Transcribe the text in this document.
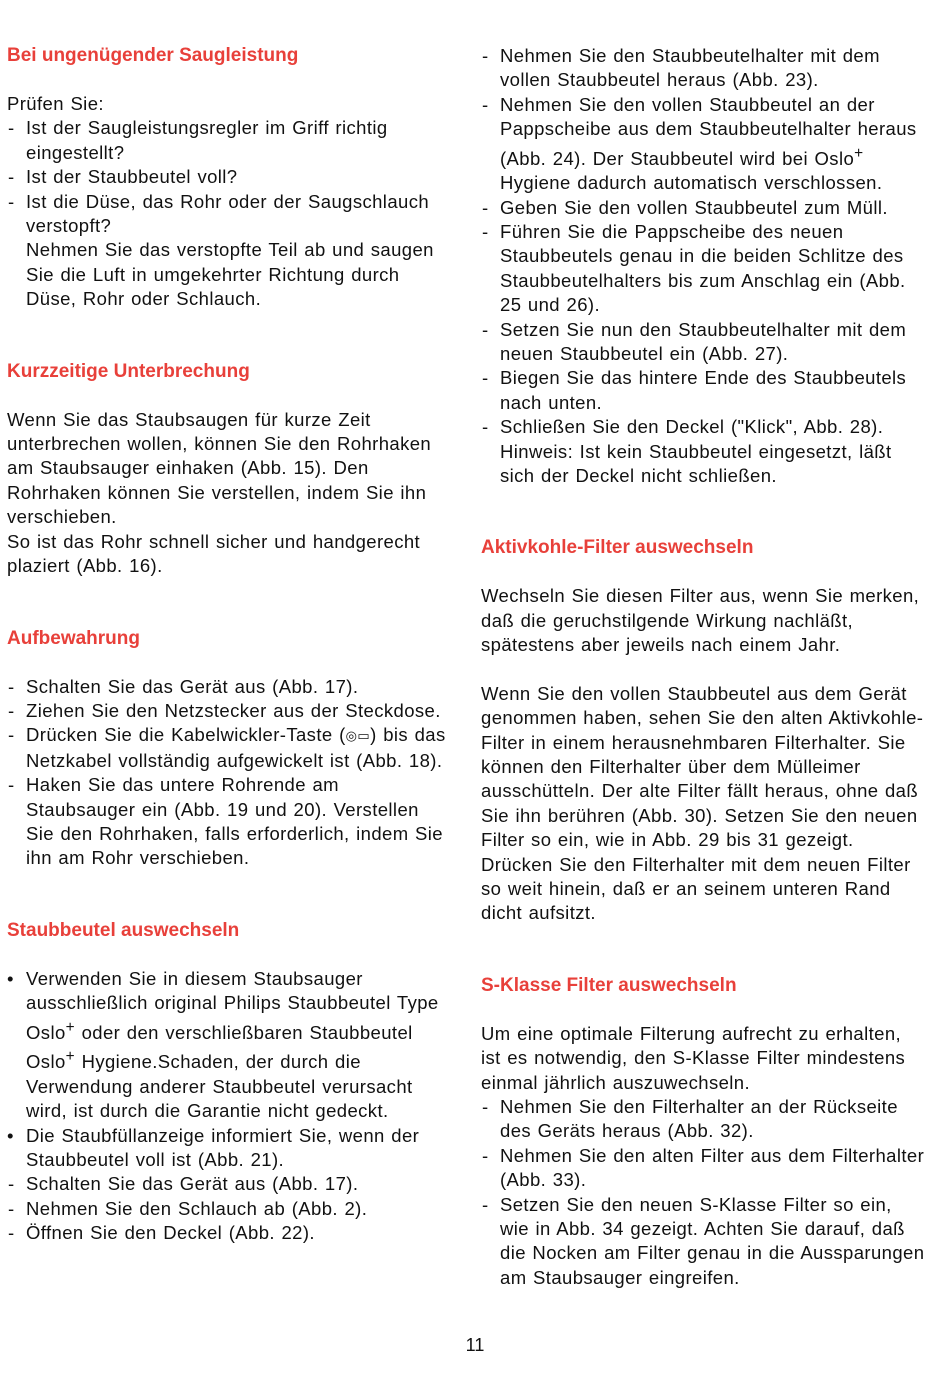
Bei ungenügender Saugleistung

Prüfen Sie:

- Ist der Saugleistungsregler im Griff richtig eingestellt?
- Ist der Staubbeutel voll?
- Ist die Düse, das Rohr oder der Saugschlauch verstopft?
Nehmen Sie das verstopfte Teil ab und saugen Sie die Luft in umgekehrter Richtung durch Düse, Rohr oder Schlauch.
Kurzzeitige Unterbrechung

Wenn Sie das Staubsaugen für kurze Zeit unterbrechen wollen, können Sie den Rohrhaken am Staubsauger einhaken (Abb. 15). Den Rohrhaken können Sie verstellen, indem Sie ihn verschieben.

So ist das Rohr schnell sicher und handgerecht plaziert (Abb. 16).

Aufbewahrung
- Schalten Sie das Gerät aus (Abb. 17).
- Ziehen Sie den Netzstecker aus der Steckdose.
- Drücken Sie die Kabelwickler-Taste (◎▭) bis das Netzkabel vollständig aufgewickelt ist (Abb. 18).
- Haken Sie das untere Rohrende am Staubsauger ein (Abb. 19 und 20). Verstellen Sie den Rohrhaken, falls erforderlich, indem Sie ihn am Rohr verschieben.
Staubbeutel auswechseln
• Verwenden Sie in diesem Staubsauger ausschließlich original Philips Staubbeutel Type Oslo+ oder den verschließbaren Staubbeutel Oslo+ Hygiene.Schaden, der durch die Verwendung anderer Staubbeutel verursacht wird, ist durch die Garantie nicht gedeckt.
• Die Staubfüllanzeige informiert Sie, wenn der Staubbeutel voll ist (Abb. 21).
- Schalten Sie das Gerät aus (Abb. 17).
- Nehmen Sie den Schlauch ab (Abb. 2).
- Öffnen Sie den Deckel (Abb. 22).
- Nehmen Sie den Staubbeutelhalter mit dem vollen Staubbeutel heraus (Abb. 23).
- Nehmen Sie den vollen Staubbeutel an der Pappscheibe aus dem Staubbeutelhalter heraus (Abb. 24). Der Staubbeutel wird bei Oslo+ Hygiene dadurch automatisch verschlossen.
- Geben Sie den vollen Staubbeutel zum Müll.
- Führen Sie die Pappscheibe des neuen Staubbeutels genau in die beiden Schlitze des Staubbeutelhalters bis zum Anschlag ein (Abb. 25 und 26).
- Setzen Sie nun den Staubbeutelhalter mit dem neuen Staubbeutel ein (Abb. 27).
- Biegen Sie das hintere Ende des Staubbeutels nach unten.
- Schließen Sie den Deckel ("Klick", Abb. 28).
Hinweis: Ist kein Staubbeutel eingesetzt, läßt sich der Deckel nicht schließen.
Aktivkohle-Filter auswechseln

Wechseln Sie diesen Filter aus, wenn Sie merken, daß die geruchstilgende Wirkung nachläßt, spätestens aber jeweils nach einem Jahr.

Wenn Sie den vollen Staubbeutel aus dem Gerät genommen haben, sehen Sie den alten Aktivkohle-Filter in einem herausnehmbaren Filterhalter. Sie können den Filterhalter über dem Mülleimer ausschütteln. Der alte Filter fällt heraus, ohne daß Sie ihn berühren (Abb. 30). Setzen Sie den neuen Filter so ein, wie in Abb. 29 bis 31 gezeigt. Drücken Sie den Filterhalter mit dem neuen Filter so weit hinein, daß er an seinem unteren Rand dicht aufsitzt.

S-Klasse Filter auswechseln

Um eine optimale Filterung aufrecht zu erhalten, ist es notwendig, den S-Klasse Filter mindestens einmal jährlich auszuwechseln.

- Nehmen Sie den Filterhalter an der Rückseite des Geräts heraus (Abb. 32).
- Nehmen Sie den alten Filter aus dem Filterhalter (Abb. 33).
- Setzen Sie den neuen S-Klasse Filter so ein, wie in Abb. 34 gezeigt. Achten Sie darauf, daß die Nocken am Filter genau in die Aussparungen am Staubsauger eingreifen.
11
